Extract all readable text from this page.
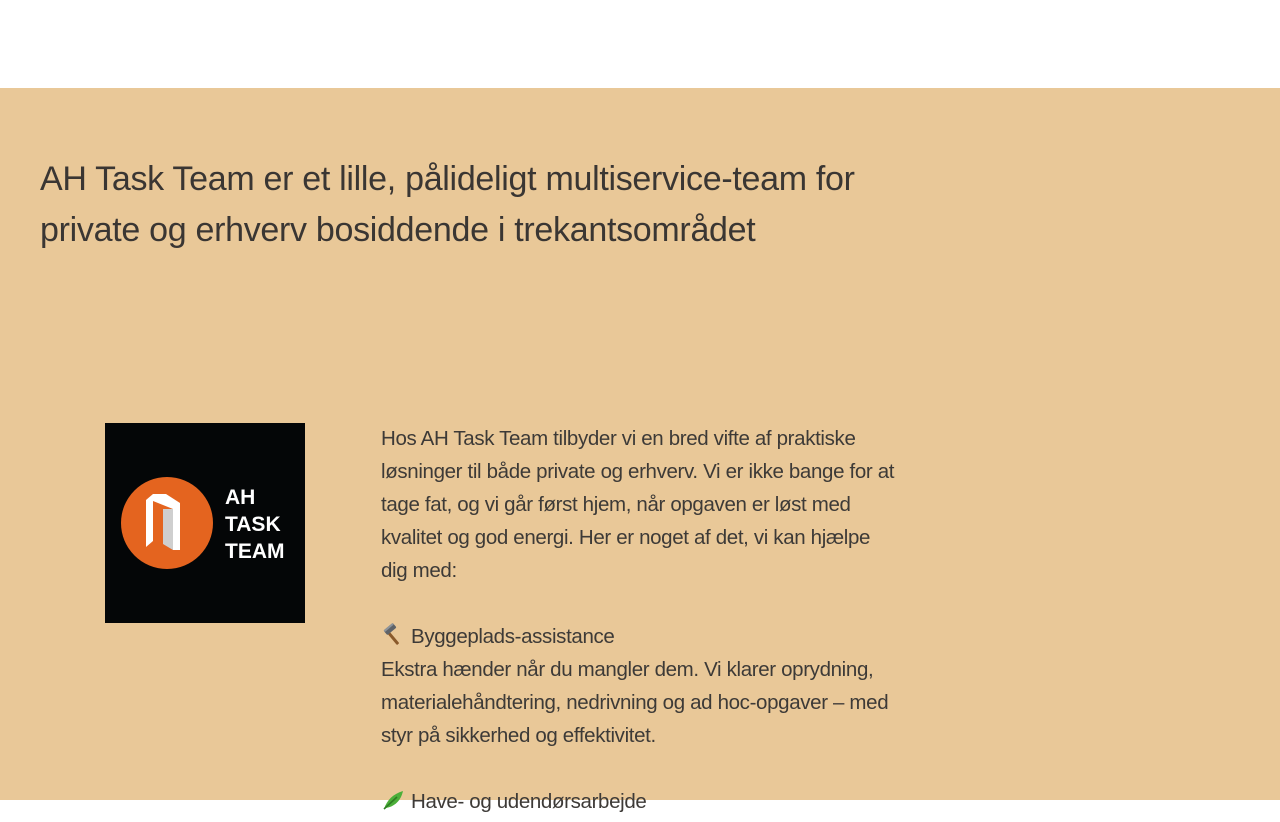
AH Task Team er et lille, pålideligt multiservice-team for private og erhverv bosiddende i trekantsområdet
AH
TASK
TEAM

Hos AH Task Team tilbyder vi en bred vifte af praktiske løsninger til både private og erhverv. Vi er ikke bange for at tage fat, og vi går først hjem, når opgaven er løst med kvalitet og god energi. Her er noget af det, vi kan hjælpe dig med:

Byggeplads-assistance

Ekstra hænder når du mangler dem. Vi klarer oprydning, materialehåndtering, nedrivning og ad hoc-opgaver – med styr på sikkerhed og effektivitet.

Have- og udendørsarbejde
